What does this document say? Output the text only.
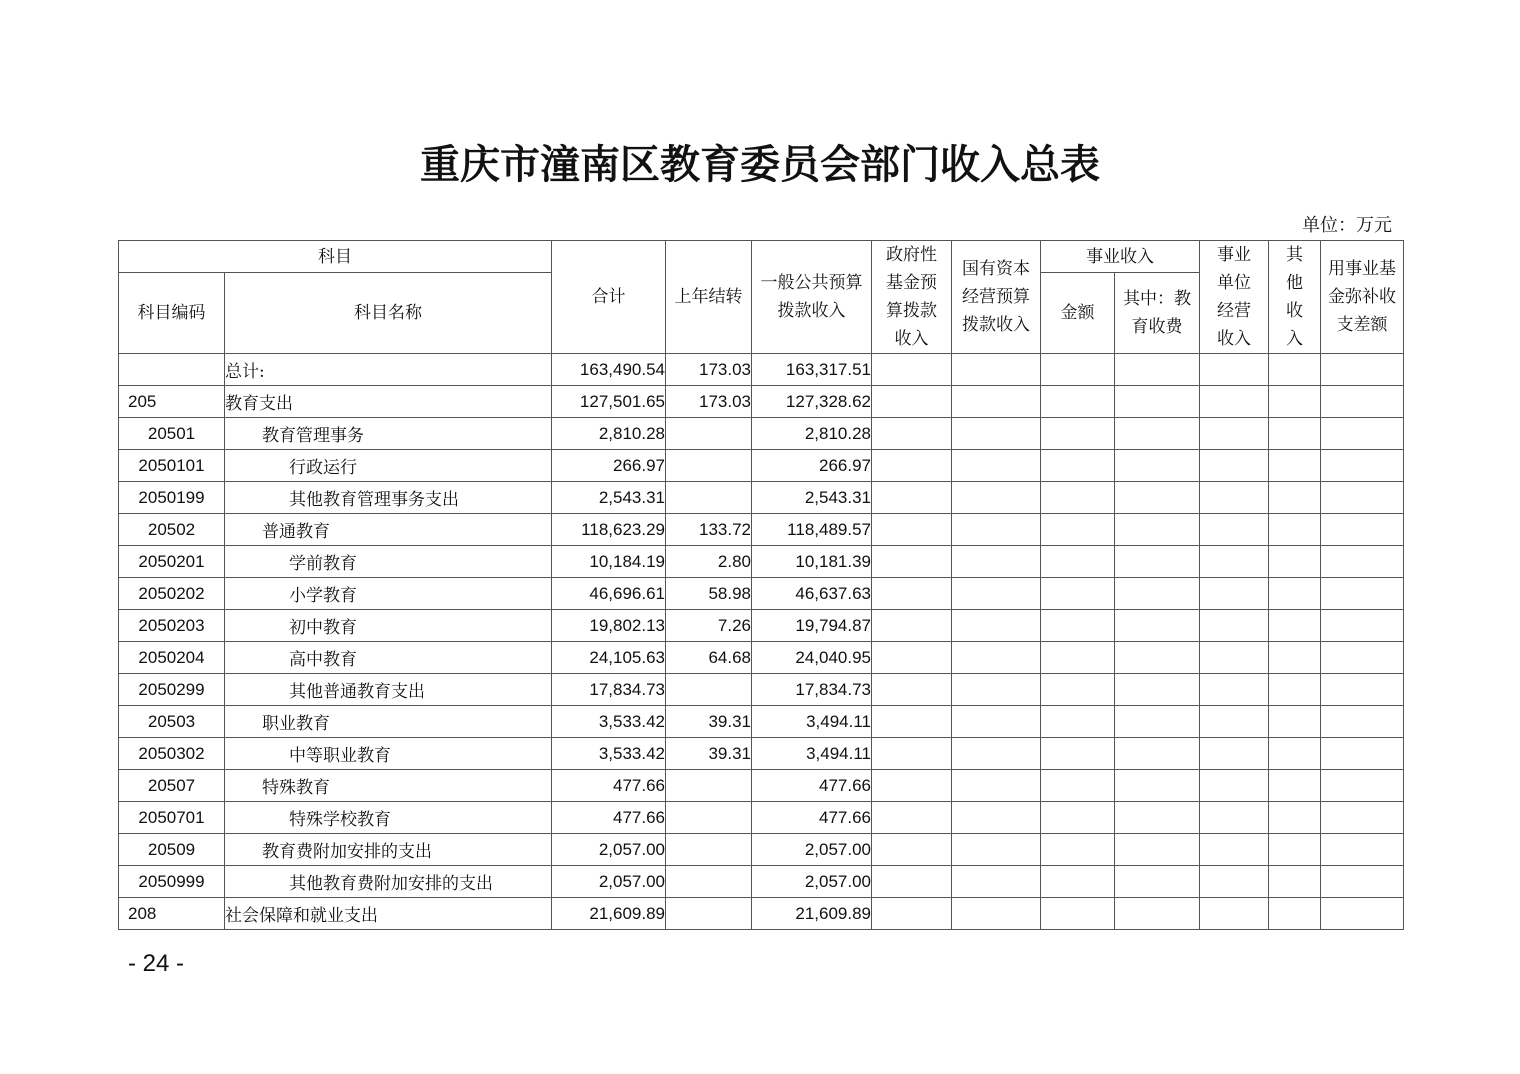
重庆市潼南区教育委员会部门收入总表
单位：万元
科目		合计	上年结转	一般公共预算拨款收入	政府性基金预算拨款收入	国有资本经营预算拨款收入	事业收入		事业单位经营收入	其他收入	用事业基金弥补收支差额
科目编码	科目名称						金额	其中：教育收费			
	总计:	163,490.54	173.03	163,317.51							
205	教育支出	127,501.65	173.03	127,328.62							
20501	教育管理事务	2,810.28		2,810.28							
2050101	行政运行	266.97		266.97							
2050199	其他教育管理事务支出	2,543.31		2,543.31							
20502	普通教育	118,623.29	133.72	118,489.57							
2050201	学前教育	10,184.19	2.80	10,181.39							
2050202	小学教育	46,696.61	58.98	46,637.63							
2050203	初中教育	19,802.13	7.26	19,794.87							
2050204	高中教育	24,105.63	64.68	24,040.95							
2050299	其他普通教育支出	17,834.73		17,834.73							
20503	职业教育	3,533.42	39.31	3,494.11							
2050302	中等职业教育	3,533.42	39.31	3,494.11							
20507	特殊教育	477.66		477.66							
2050701	特殊学校教育	477.66		477.66							
20509	教育费附加安排的支出	2,057.00		2,057.00							
2050999	其他教育费附加安排的支出	2,057.00		2,057.00							
208	社会保障和就业支出	21,609.89		21,609.89							
- 24 -
